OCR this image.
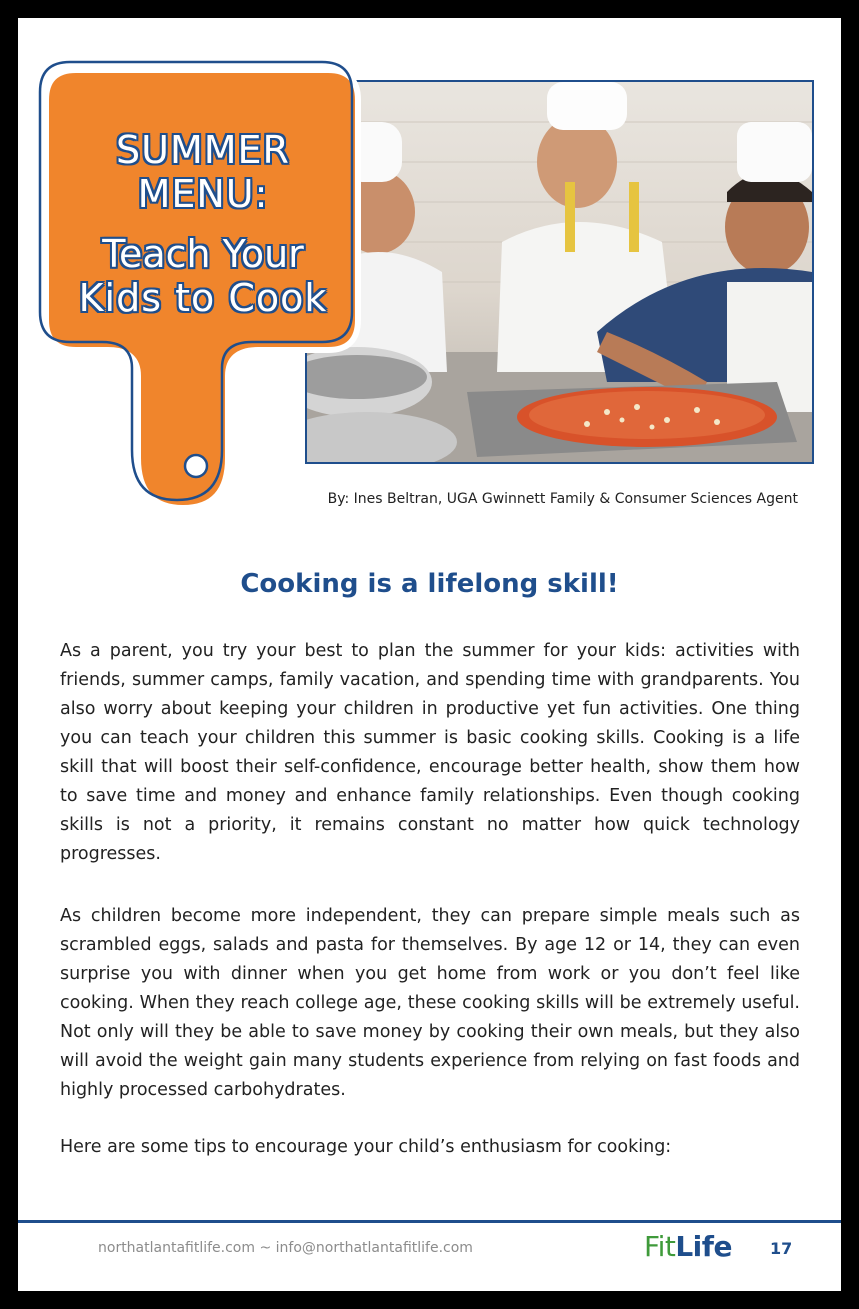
SUMMER
MENU:
Teach Your
Kids to Cook
By: Ines Beltran, UGA Gwinnett Family & Consumer Sciences Agent
Cooking is a lifelong skill!

As a parent, you try your best to plan the summer for your kids: activities with friends, summer camps, family vacation, and spending time with grandparents. You also worry about keeping your children in productive yet fun activities. One thing you can teach your children this summer is basic cooking skills. Cooking is a life skill that will boost their self-confidence, encourage better health, show them how to save time and money and enhance family relationships. Even though cooking skills is not a priority, it remains constant no matter how quick technology progresses.

As children become more independent, they can prepare simple meals such as scrambled eggs, salads and pasta for themselves. By age 12 or 14, they can even surprise you with dinner when you get home from work or you don’t feel like cooking. When they reach college age, these cooking skills will be extremely useful. Not only will they be able to save money by cooking their own meals, but they also will avoid the weight gain many students experience from relying on fast foods and highly processed carbohydrates.

Here are some tips to encourage your child’s enthusiasm for cooking:

northatlantafitlife.com ~ info@northatlantafitlife.com	FitLife 17
